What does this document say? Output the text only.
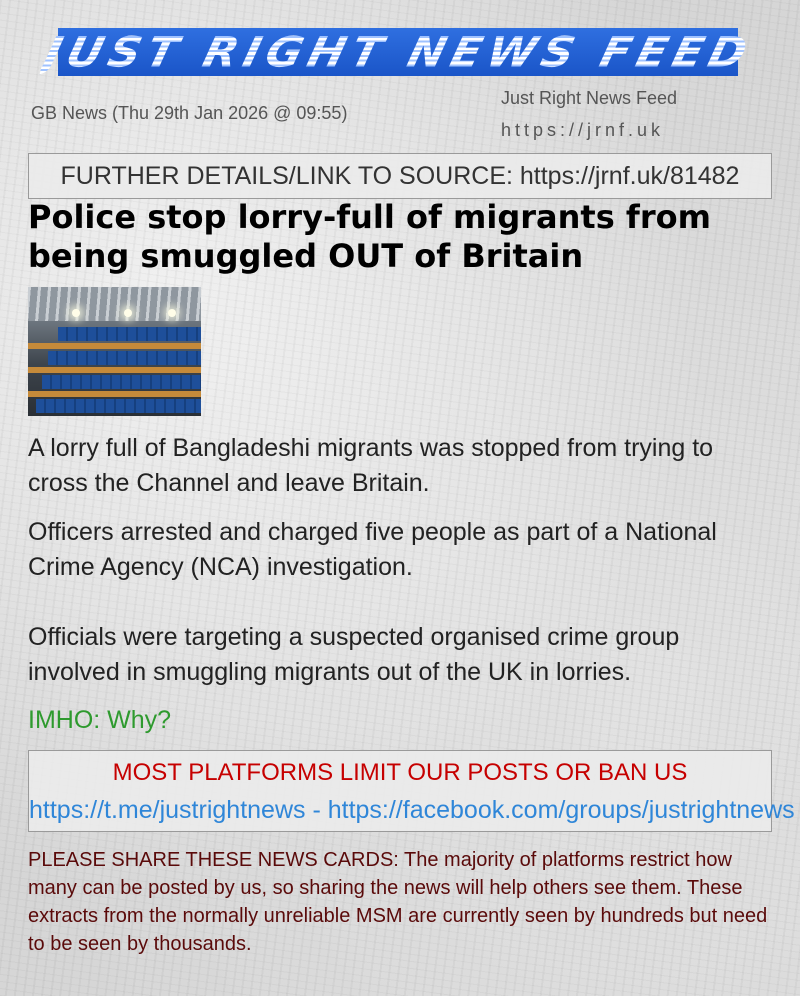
JUST RIGHT NEWS FEED
GB News (Thu 29th Jan 2026 @ 09:55)
Just Right News Feed
https://jrnf.uk
FURTHER DETAILS/LINK TO SOURCE: https://jrnf.uk/81482
Police stop lorry-full of migrants from being smuggled OUT of Britain
A lorry full of Bangladeshi migrants was stopped from trying to cross the Channel and leave Britain.
Officers arrested and charged five people as part of a National Crime Agency (NCA) investigation.
Officials were targeting a suspected organised crime group involved in smuggling migrants out of the UK in lorries.
IMHO: Why?
MOST PLATFORMS LIMIT OUR POSTS OR BAN US
https://t.me/justrightnews - https://facebook.com/groups/justrightnews
PLEASE SHARE THESE NEWS CARDS: The majority of platforms restrict how many can be posted by us, so sharing the news will help others see them. These extracts from the normally unreliable MSM are currently seen by hundreds but need to be seen by thousands.
